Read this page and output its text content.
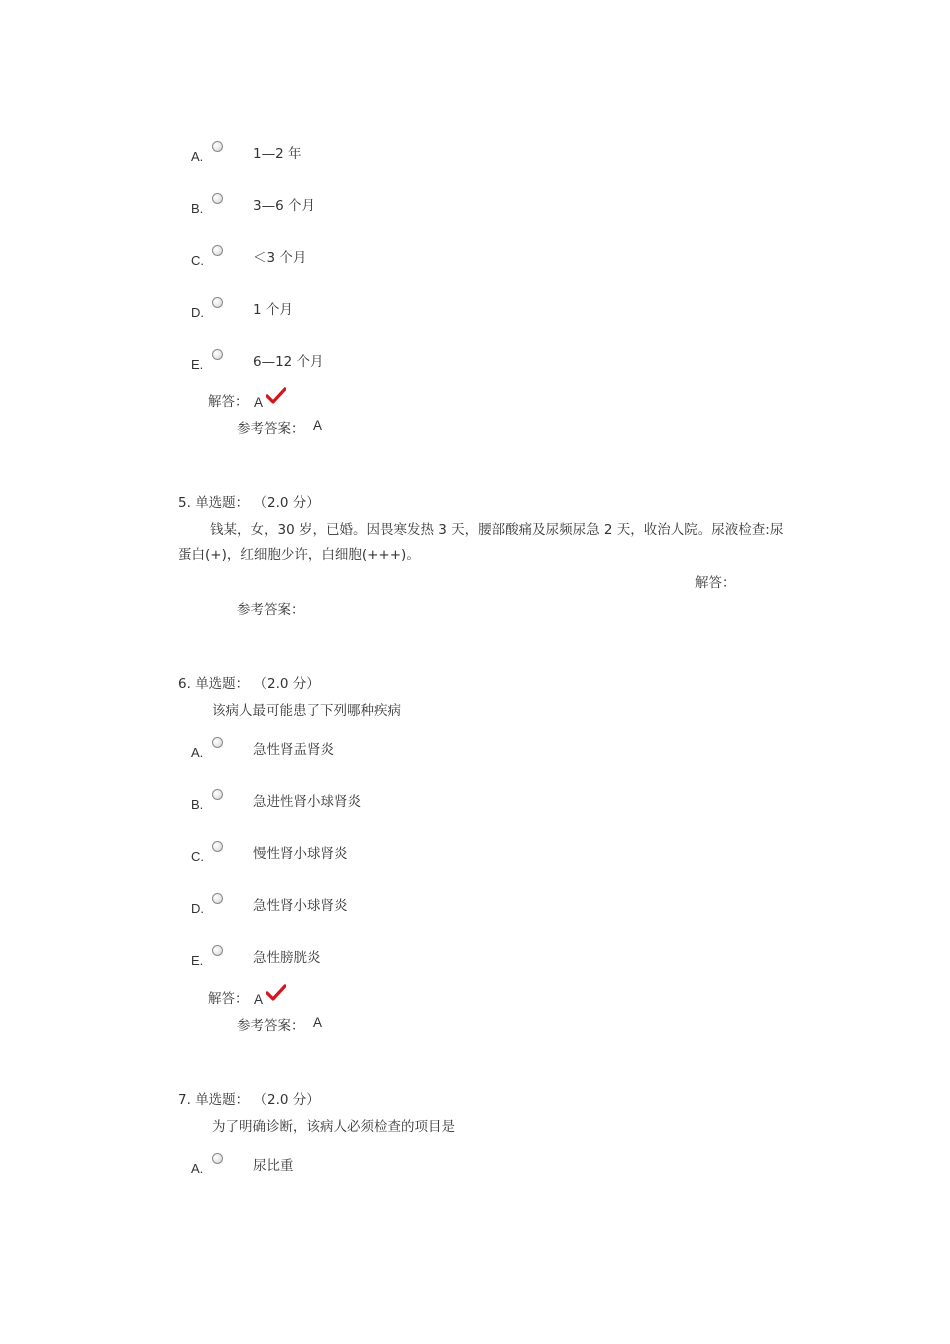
A.	1—2 年
B.	3—6 个月
C.	＜3 个月
D.	1 个月
E.	6—12 个月
解答： A
参考答案： A
5. 单选题： （2.0 分）
钱某，女，30 岁，已婚。因畏寒发热 3 天，腰部酸痛及尿频尿急 2 天，收治人院。尿液检查:尿
蛋白(+)，红细胞少许，白细胞(+++)。
解答：
参考答案：
6. 单选题： （2.0 分）
该病人最可能患了下列哪种疾病
A.	急性肾盂肾炎
B.	急进性肾小球肾炎
C.	慢性肾小球肾炎
D.	急性肾小球肾炎
E.	急性膀胱炎
解答： A
参考答案： A
7. 单选题： （2.0 分）
为了明确诊断，该病人必须检查的项目是
A.	尿比重
